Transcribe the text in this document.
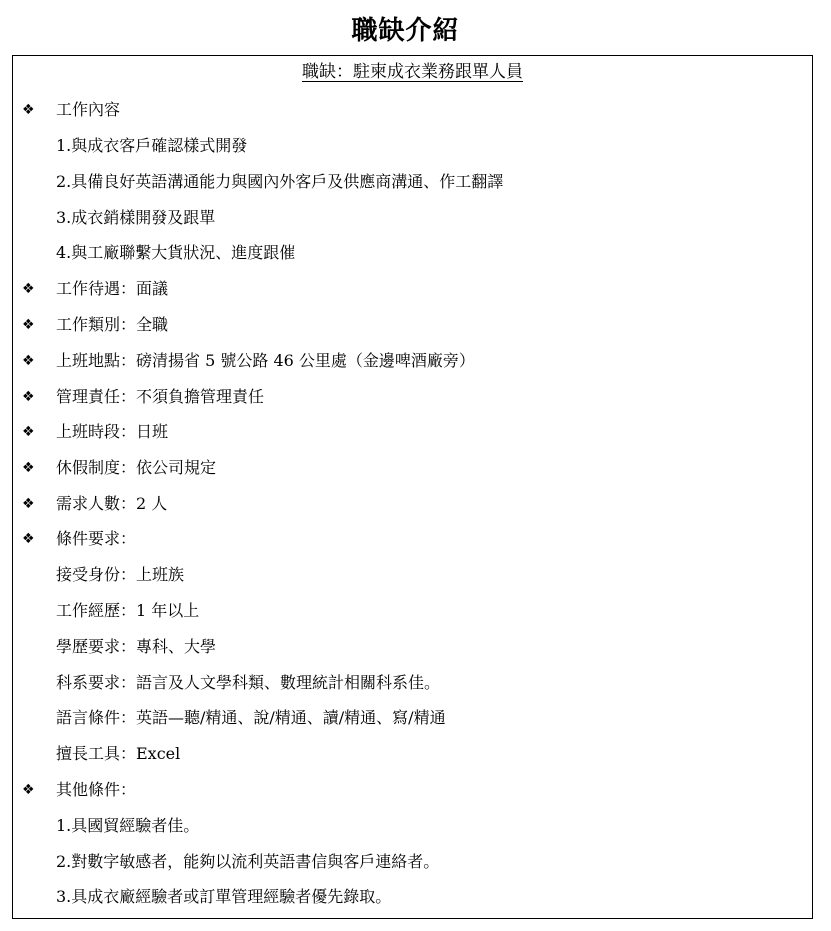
職缺介紹
職缺：駐柬成衣業務跟單人員
❖ 工作內容
1.與成衣客戶確認樣式開發
2.具備良好英語溝通能力與國內外客戶及供應商溝通、作工翻譯
3.成衣銷樣開發及跟單
4.與工廠聯繫大貨狀況、進度跟催
❖ 工作待遇：面議
❖ 工作類別：全職
❖ 上班地點：磅清揚省 5 號公路 46 公里處（金邊啤酒廠旁）
❖ 管理責任：不須負擔管理責任
❖ 上班時段：日班
❖ 休假制度：依公司規定
❖ 需求人數：2 人
❖ 條件要求：
接受身份：上班族
工作經歷：1 年以上
學歷要求：專科、大學
科系要求：語言及人文學科類、數理統計相關科系佳。
語言條件：英語—聽/精通、說/精通、讀/精通、寫/精通
擅長工具：Excel
❖ 其他條件：
1.具國貿經驗者佳。
2.對數字敏感者，能夠以流利英語書信與客戶連絡者。
3.具成衣廠經驗者或訂單管理經驗者優先錄取。
